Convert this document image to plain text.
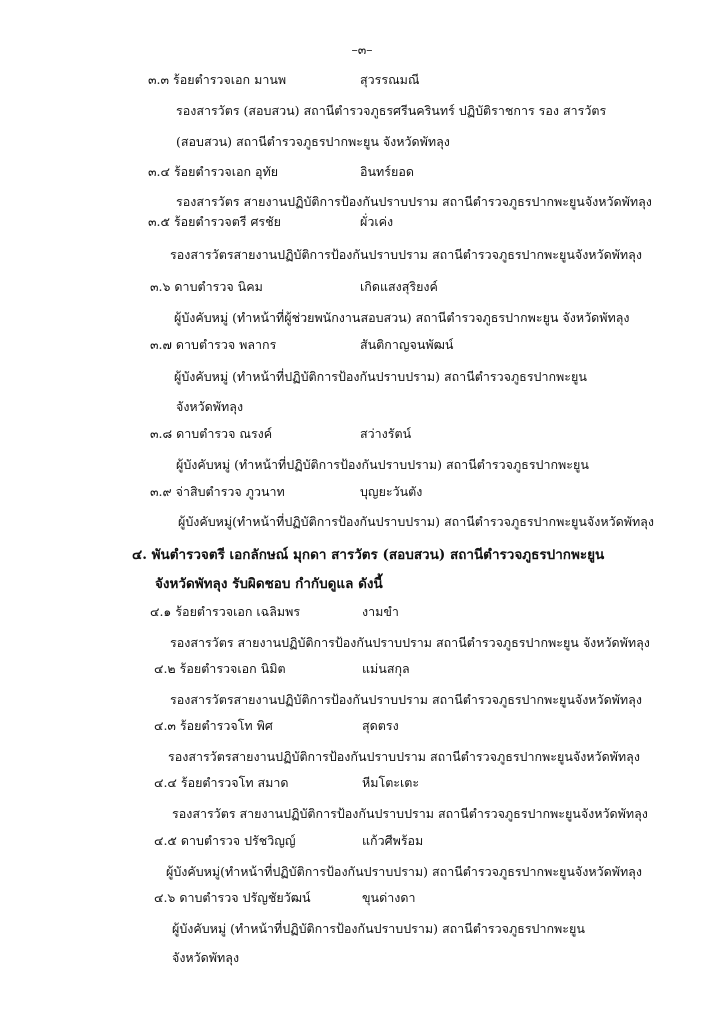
–๓–
๓.๓ ร้อยตำรวจเอก มานพ	สุวรรณมณี
รองสารวัตร (สอบสวน) สถานีตำรวจภูธรศรีนครินทร์ ปฏิบัติราชการ รอง สารวัตร
(สอบสวน) สถานีตำรวจภูธรปากพะยูน จังหวัดพัทลุง
๓.๔ ร้อยตำรวจเอก อุทัย	อินทร์ยอด
รองสารวัตร สายงานปฏิบัติการป้องกันปราบปราม สถานีตำรวจภูธรปากพะยูนจังหวัดพัทลุง
๓.๕ ร้อยตำรวจตรี ศรชัย	ผั่วเค่ง
รองสารวัตรสายงานปฏิบัติการป้องกันปราบปราม สถานีตำรวจภูธรปากพะยูนจังหวัดพัทลุง
๓.๖ ดาบตำรวจ นิคม	เกิดแสงสุริยงค์
ผู้บังคับหมู่ (ทำหน้าที่ผู้ช่วยพนักงานสอบสวน) สถานีตำรวจภูธรปากพะยูน จังหวัดพัทลุง
๓.๗ ดาบตำรวจ พลากร	สันติกาญจนพัฒน์
ผู้บังคับหมู่ (ทำหน้าที่ปฏิบัติการป้องกันปราบปราม) สถานีตำรวจภูธรปากพะยูน
จังหวัดพัทลุง
๓.๘ ดาบตำรวจ ณรงค์	สว่างรัตน์
ผู้บังคับหมู่ (ทำหน้าที่ปฏิบัติการป้องกันปราบปราม) สถานีตำรวจภูธรปากพะยูน
๓.๙ จ่าสิบตำรวจ ภูวนาท	บุญยะวันตัง
ผู้บังคับหมู่(ทำหน้าที่ปฏิบัติการป้องกันปราบปราม) สถานีตำรวจภูธรปากพะยูนจังหวัดพัทลุง
๔. พันตำรวจตรี เอกลักษณ์ มุกดา สารวัตร (สอบสวน) สถานีตำรวจภูธรปากพะยูน
จังหวัดพัทลุง รับผิดชอบ กำกับดูแล ดังนี้
๔.๑ ร้อยตำรวจเอก เฉลิมพร	งามขำ
รองสารวัตร สายงานปฏิบัติการป้องกันปราบปราม สถานีตำรวจภูธรปากพะยูน จังหวัดพัทลุง
๔.๒ ร้อยตำรวจเอก นิมิต	แม่นสกุล
รองสารวัตรสายงานปฏิบัติการป้องกันปราบปราม สถานีตำรวจภูธรปากพะยูนจังหวัดพัทลุง
๔.๓ ร้อยตำรวจโท พิศ	สุดตรง
รองสารวัตรสายงานปฏิบัติการป้องกันปราบปราม สถานีตำรวจภูธรปากพะยูนจังหวัดพัทลุง
๔.๔ ร้อยตำรวจโท สมาด	หีมโตะเตะ
รองสารวัตร สายงานปฏิบัติการป้องกันปราบปราม สถานีตำรวจภูธรปากพะยูนจังหวัดพัทลุง
๔.๕ ดาบตำรวจ ปรัชวิญญ์	แก้วศีพร้อม
ผู้บังคับหมู่(ทำหน้าที่ปฏิบัติการป้องกันปราบปราม) สถานีตำรวจภูธรปากพะยูนจังหวัดพัทลุง
๔.๖ ดาบตำรวจ ปรัญชัยวัฒน์	ขุนด่างดา
ผู้บังคับหมู่ (ทำหน้าที่ปฏิบัติการป้องกันปราบปราม) สถานีตำรวจภูธรปากพะยูน
จังหวัดพัทลุง
